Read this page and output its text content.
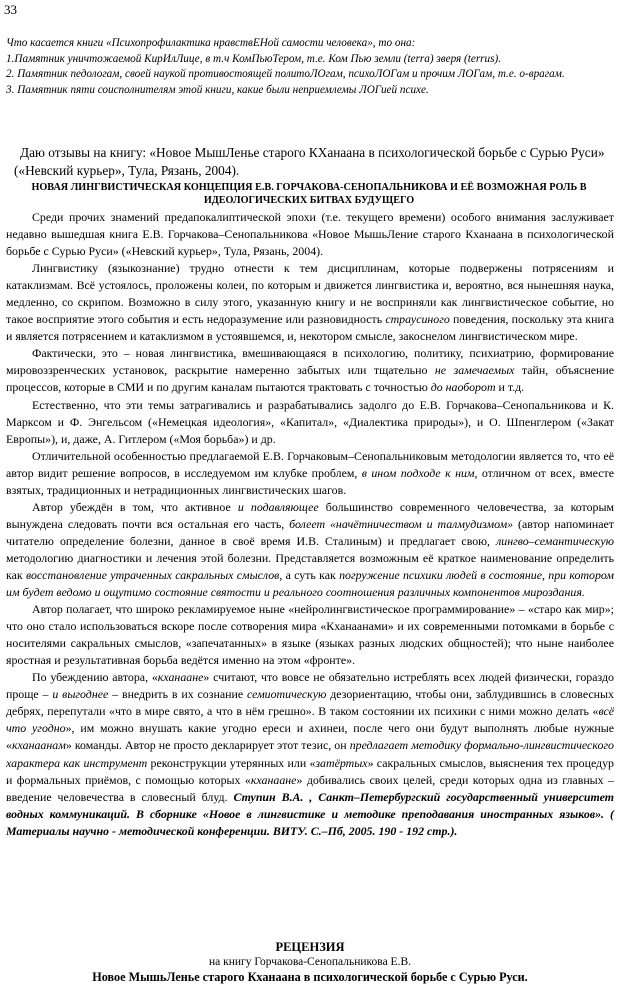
33

Что касается книги «Психопрофилактика нравствЕНой самости человека», то она:

1.Памятник уничтожаемой КирИлЛице, в т.ч КомПьюТером, т.е. Ком Пью земли (terra) зверя (terrus).

2. Памятник педологам, своей наукой противостоящей политоЛОгам, психоЛОГам и прочим ЛОГам, т.е. о-врагам.

3. Памятник пяти соисполнителям этой книги, какие были неприемлемы ЛОГией психе.

Даю отзывы на книгу: «Новое МышЛенье старого КХанаана в психологической борьбе с Сурью Руси» («Невский курьер», Тула, Рязань, 2004).
НОВАЯ ЛИНГВИСТИЧЕСКАЯ КОНЦЕПЦИЯ Е.В. ГОРЧАКОВА-СЕНОПАЛЬНИКОВА И ЕЁ ВОЗМОЖНАЯ РОЛЬ В
ИДЕОЛОГИЧЕСКИХ БИТВАХ БУДУЩЕГО

Среди прочих знамений предапокалиптической эпохи (т.е. текущего времени) особого внимания заслуживает недавно вышедшая книга Е.В. Горчакова–Сенопальникова «Новое МышьЛение старого Кханаана в психологической борьбе с Сурью Руси» («Невский курьер», Тула, Рязань, 2004).

Лингвистику (языкознание) трудно отнести к тем дисциплинам, которые подвержены потрясениям и катаклизмам. Всё устоялось, проложены колеи, по которым и движется лингвистика и, вероятно, вся нынешняя наука, медленно, со скрипом. Возможно в силу этого, указанную книгу и не восприняли как лингвистическое событие, но такое восприятие этого события и есть недоразумение или разновидность страусиного поведения, поскольку эта книга и является потрясением и катаклизмом в устоявшемся, и, некотором смысле, закоснелом лингвистическом мире.

Фактически, это – новая лингвистика, вмешивающаяся в психологию, политику, психиатрию, формирование мировоззренческих установок, раскрытие намеренно забытых или тщательно не замечаемых тайн, объяснение процессов, которые в СМИ и по другим каналам пытаются трактовать с точностью до наоборот и т.д.

Естественно, что эти темы затрагивались и разрабатывались задолго до Е.В. Горчакова–Сенопальникова и К. Марксом и Ф. Энгельсом («Немецкая идеология», «Капитал», «Диалектика природы»), и О. Шпенглером («Закат Европы»), и, даже, А. Гитлером («Моя борьба») и др.

Отличительной особенностью предлагаемой Е.В. Горчаковым–Сенопальниковым методологии является то, что её автор видит решение вопросов, в исследуемом им клубке проблем, в ином подходе к ним, отличном от всех, вместе взятых, традиционных и нетрадиционных лингвистических шагов.

Автор убеждён в том, что активное и подавляющее большинство современного человечества, за которым вынуждена следовать почти вся остальная его часть, болеет «начётничеством и талмудизмом» (автор напоминает читателю определение болезни, данное в своё время И.В. Сталиным) и предлагает свою, лингво–семантическую методологию диагностики и лечения этой болезни. Представляется возможным её краткое наименование определить как восстановление утраченных сакральных смыслов, а суть как погружение психики людей в состояние, при котором им будет ведомо и ощутимо состояние святости и реального соотношения различных компонентов мироздания.

Автор полагает, что широко рекламируемое ныне «нейролингвистическое программирование» – «старо как мир»; что оно стало использоваться вскоре после сотворения мира «Кханаанами» и их современными потомками в борьбе с носителями сакральных смыслов, «запечатанных» в языке (языках разных людских общностей); что ныне наиболее яростная и результативная борьба ведётся именно на этом «фронте».

По убеждению автора, «кханаане» считают, что вовсе не обязательно истреблять всех людей физически, гораздо проще – и выгоднее – внедрить в их сознание семиотическую дезориентацию, чтобы они, заблудившись в словесных дебрях, перепутали «что в мире свято, а что в нём грешно». В таком состоянии их психики с ними можно делать «всё что угодно», им можно внушать какие угодно ереси и ахинеи, после чего они будут выполнять любые нужные «кханаанам» команды. Автор не просто декларирует этот тезис, он предлагает методику формально-лингвистического характера как инструмент реконструкции утерянных или «затёртых» сакральных смыслов, выяснения тех процедур и формальных приёмов, с помощью которых «кханаане» добивались своих целей, среди которых одна из главных – введение человечества в словесный блуд. Ступин В.А. , Санкт–Петербургский государственный университет водных коммуникаций. В сборнике «Новое в лингвистике и методике преподавания иностранных языков». ( Материалы научно - методической конференции. ВИТУ. С.–Пб, 2005. 190 - 192 стр.).

РЕЦЕНЗИЯ
на книгу Горчакова-Сенопальникова Е.В.
Новое МышьЛенье старого Кханаана в психологической борьбе с Сурью Руси.
